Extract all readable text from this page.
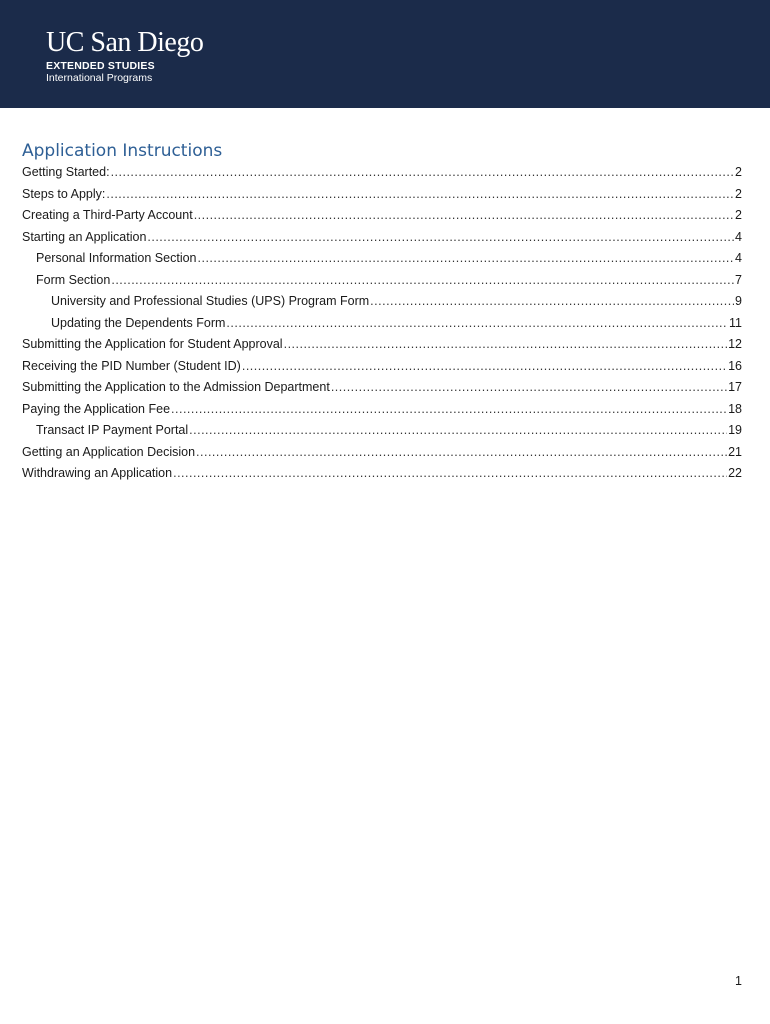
UC San Diego
EXTENDED STUDIES
International Programs
Application Instructions
Getting Started: .....	2
Steps to Apply: .....	2
Creating a Third-Party Account .....	2
Starting an Application .....	4
Personal Information Section .....	4
Form Section .....	7
University and Professional Studies (UPS) Program Form .....	9
Updating the Dependents Form .....	11
Submitting the Application for Student Approval .....	12
Receiving the PID Number (Student ID) .....	16
Submitting the Application to the Admission Department .....	17
Paying the Application Fee .....	18
Transact IP Payment Portal .....	19
Getting an Application Decision .....	21
Withdrawing an Application .....	22
1
